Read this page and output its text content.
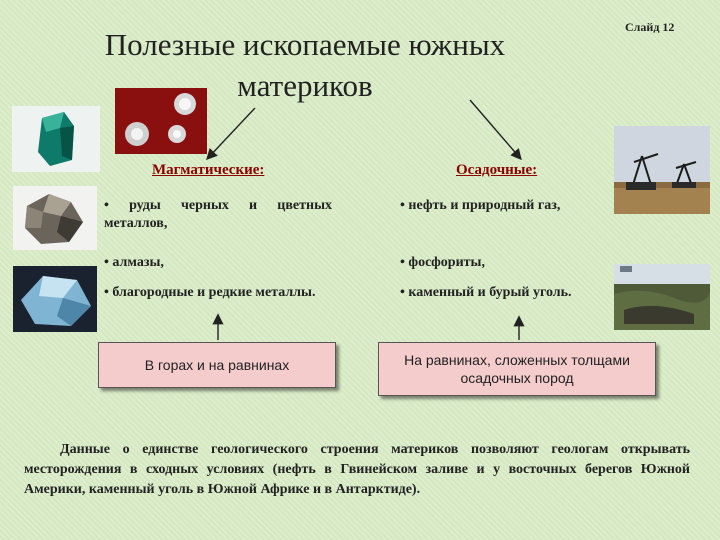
Полезные ископаемые южных
материков
Слайд 12
Магматические:	Осадочные:
• руды черных и цветных металлов,
• алмазы,
• благородные и редкие металлы.
• нефть и природный газ,
• фосфориты,
• каменный и бурый уголь.
В горах и на равнинах	На равнинах, сложенных толщами осадочных пород
Данные о единстве геологического строения материков позволяют геологам открывать месторождения в сходных условиях (нефть в Гвинейском заливе и у восточных берегов Южной Америки, каменный уголь в Южной Африке и в Антарктиде).
